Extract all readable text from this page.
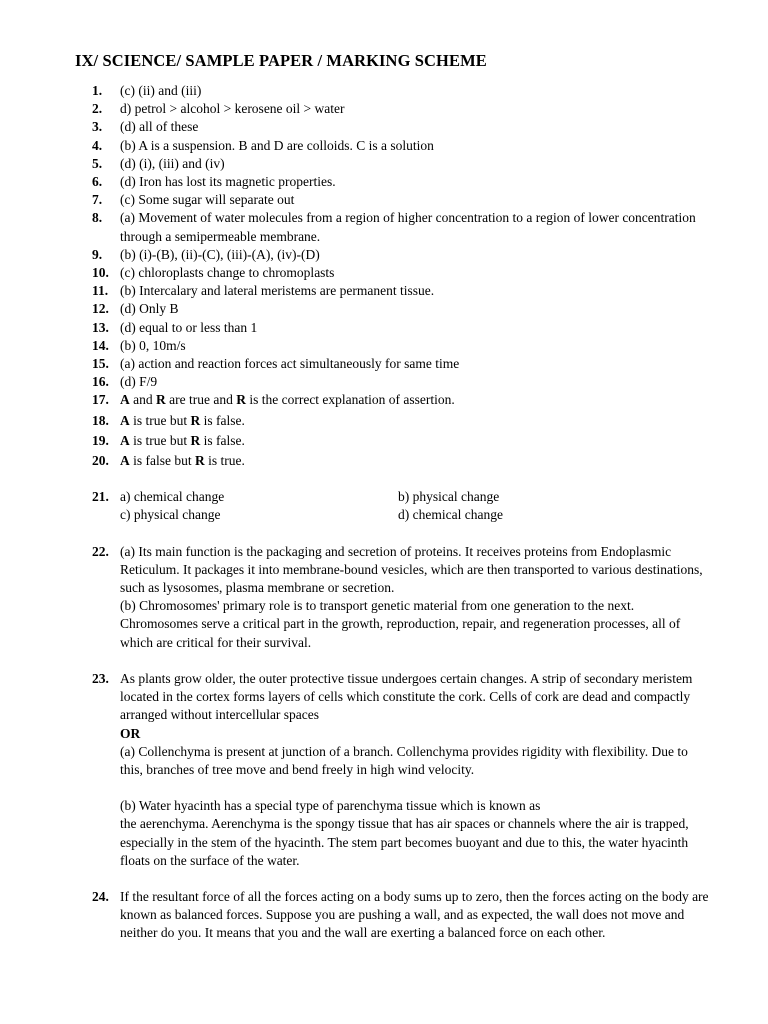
IX/ SCIENCE/ SAMPLE PAPER / MARKING SCHEME
1.	(c) (ii) and (iii)
2.	d) petrol > alcohol > kerosene oil > water
3.	(d) all of these
4.	(b) A is a suspension. B and D are colloids. C is a solution
5.	(d) (i), (iii) and (iv)
6.	(d) Iron has lost its magnetic properties.
7.	(c) Some sugar will separate out
8.	(a) Movement of water molecules from a region of higher concentration to a region of lower concentration through a semipermeable membrane.
9.	(b) (i)-(B), (ii)-(C), (iii)-(A), (iv)-(D)
10. (c) chloroplasts change to chromoplasts
11. (b) Intercalary and lateral meristems are permanent tissue.
12. (d) Only B
13. (d) equal to or less than 1
14. (b) 0, 10m/s
15. (a) action and reaction forces act simultaneously for same time
16. (d) F/9
17. A and R are true and R is the correct explanation of assertion.
18. A is true but R is false.
19. A is true but R is false.
20. A is false but R is true.
21. a) chemical change	b) physical change
c) physical change	d) chemical change
22. (a) Its main function is the packaging and secretion of proteins. It receives proteins from Endoplasmic Reticulum. It packages it into membrane-bound vesicles, which are then transported to various destinations, such as lysosomes, plasma membrane or secretion.
(b) Chromosomes' primary role is to transport genetic material from one generation to the next. Chromosomes serve a critical part in the growth, reproduction, repair, and regeneration processes, all of which are critical for their survival.
23. As plants grow older, the outer protective tissue undergoes certain changes. A strip of secondary meristem located in the cortex forms layers of cells which constitute the cork. Cells of cork are dead and compactly arranged without intercellular spaces
OR
(a) Collenchyma is present at junction of a branch. Collenchyma provides rigidity with flexibility. Due to this, branches of tree move and bend freely in high wind velocity.
(b) Water hyacinth has a special type of parenchyma tissue which is known as
the aerenchyma. Aerenchyma is the spongy tissue that has air spaces or channels where the air is trapped, especially in the stem of the hyacinth. The stem part becomes buoyant and due to this, the water hyacinth floats on the surface of the water.
24. If the resultant force of all the forces acting on a body sums up to zero, then the forces acting on the body are known as balanced forces. Suppose you are pushing a wall, and as expected, the wall does not move and neither do you. It means that you and the wall are exerting a balanced force on each other.
